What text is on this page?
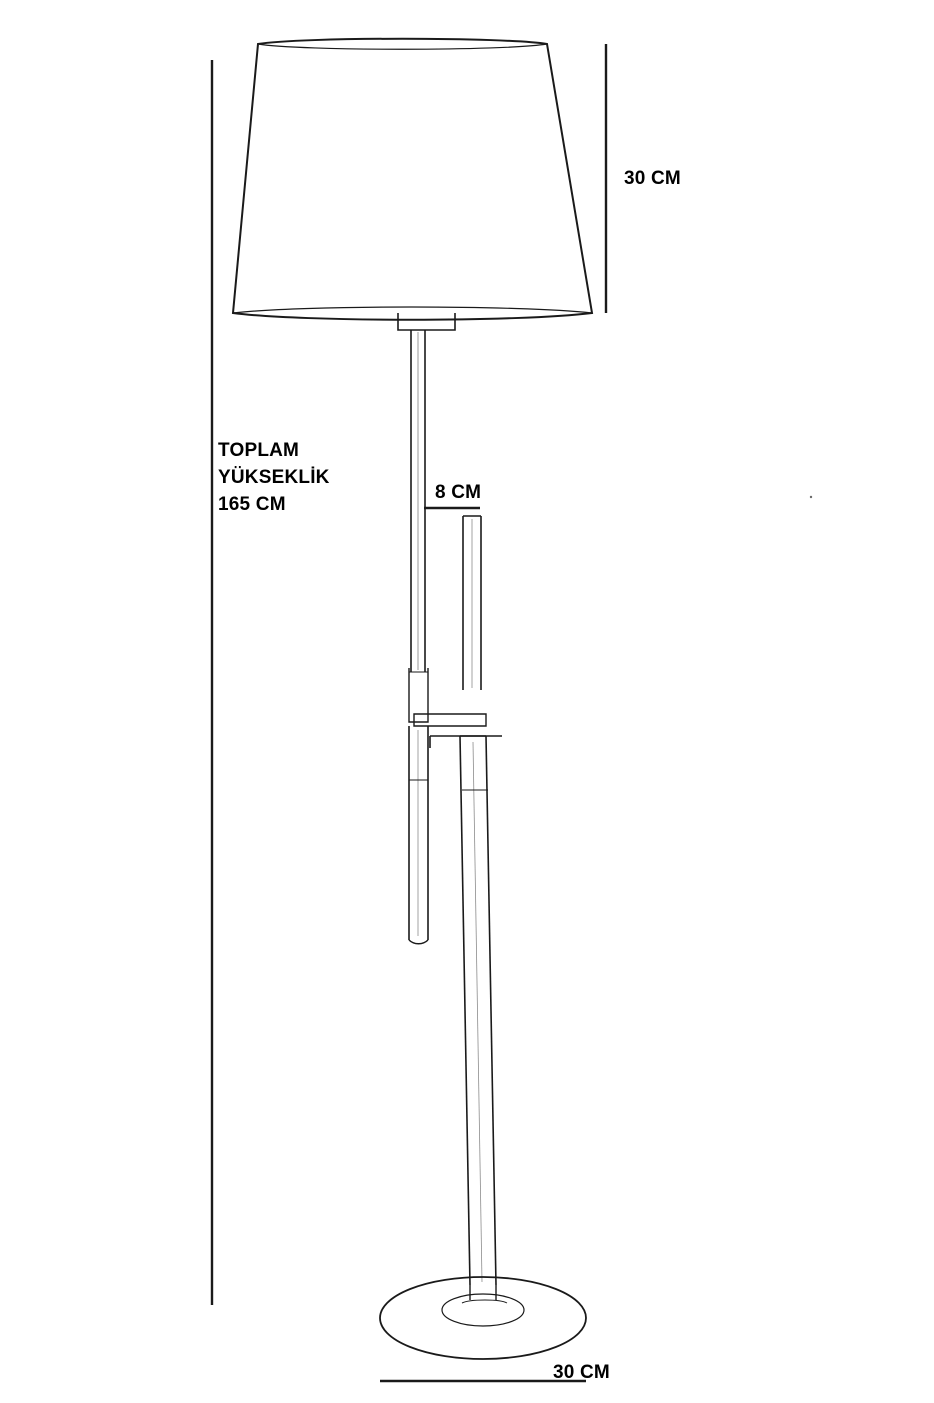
30 CM
8 CM
30 CM
TOPLAM
YÜKSEKLİK
165 CM
